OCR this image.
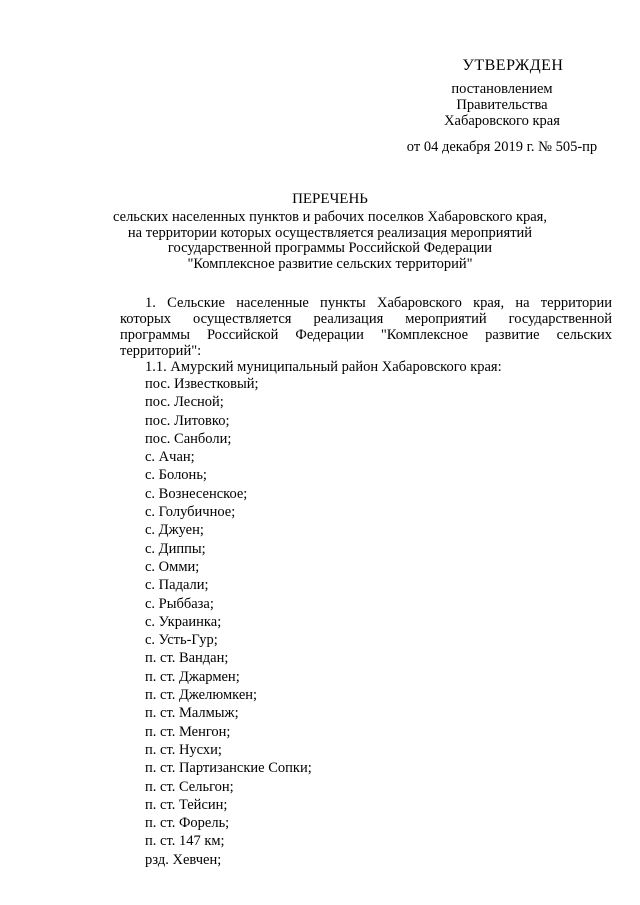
УТВЕРЖДЕН
постановлением
Правительства
Хабаровского края
от 04 декабря 2019 г. № 505-пр
ПЕРЕЧЕНЬ
сельских населенных пунктов и рабочих поселков Хабаровского края,
на территории которых осуществляется реализация мероприятий
государственной программы Российской Федерации
"Комплексное развитие сельских территорий"

1. Сельские населенные пункты Хабаровского края, на территории которых осуществляется реализация мероприятий государственной программы Российской Федерации "Комплексное развитие сельских территорий":

1.1. Амурский муниципальный район Хабаровского края:

пос. Известковый;
пос. Лесной;
пос. Литовко;
пос. Санболи;
с. Ачан;
с. Болонь;
с. Вознесенское;
с. Голубичное;
с. Джуен;
с. Диппы;
с. Омми;
с. Падали;
с. Рыббаза;
с. Украинка;
с. Усть-Гур;
п. ст. Вандан;
п. ст. Джармен;
п. ст. Джелюмкен;
п. ст. Малмыж;
п. ст. Менгон;
п. ст. Нусхи;
п. ст. Партизанские Сопки;
п. ст. Сельгон;
п. ст. Тейсин;
п. ст. Форель;
п. ст. 147 км;
рзд. Хевчен;
